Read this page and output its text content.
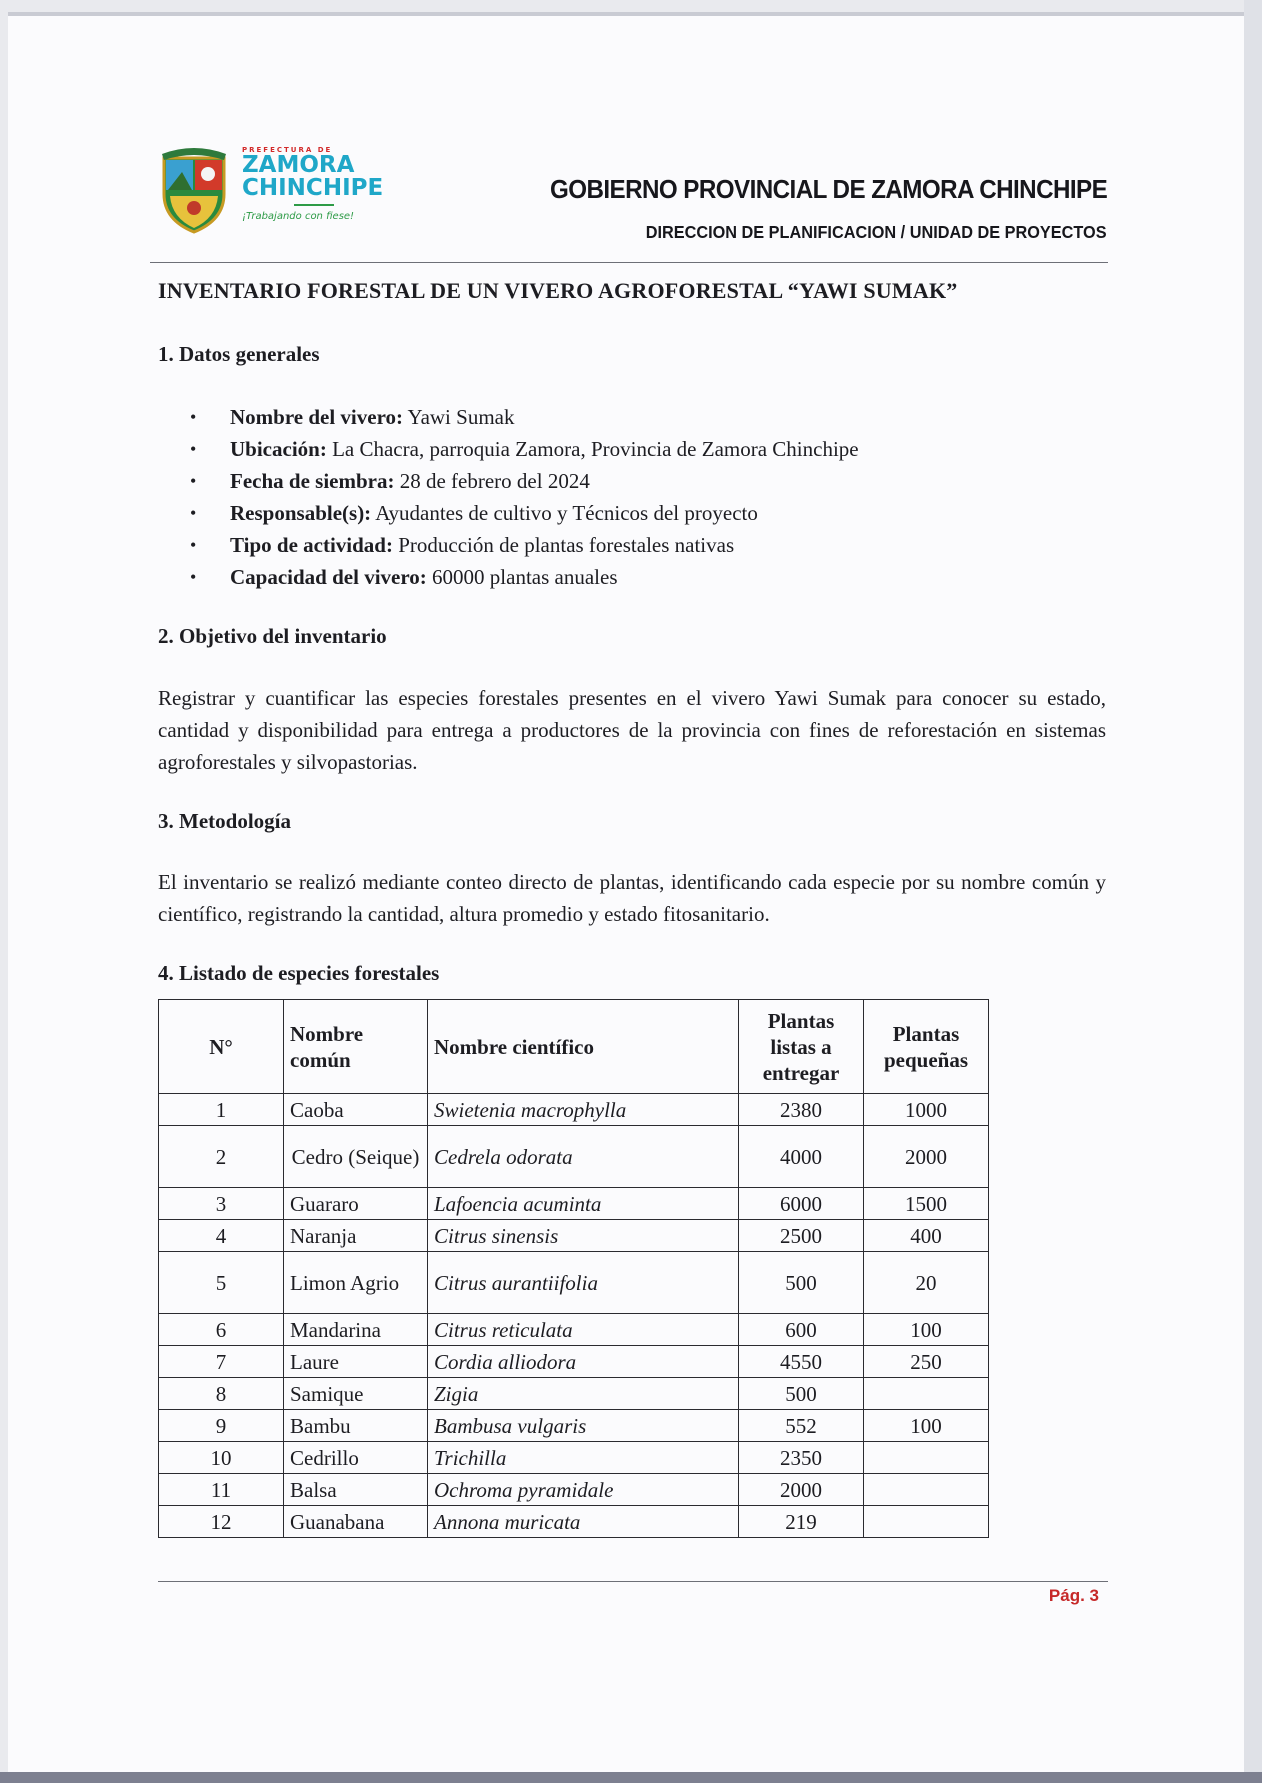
PREFECTURA DE
ZAMORA
CHINCHIPE
¡Trabajando con fiese!
GOBIERNO PROVINCIAL DE ZAMORA CHINCHIPE
DIRECCION DE PLANIFICACION / UNIDAD DE PROYECTOS
INVENTARIO FORESTAL DE UN VIVERO AGROFORESTAL “YAWI SUMAK”
1. Datos generales
• Nombre del vivero: Yawi Sumak
• Ubicación: La Chacra, parroquia Zamora, Provincia de Zamora Chinchipe
• Fecha de siembra: 28 de febrero del 2024
• Responsable(s): Ayudantes de cultivo y Técnicos del proyecto
• Tipo de actividad: Producción de plantas forestales nativas
• Capacidad del vivero: 60000 plantas anuales
2. Objetivo del inventario
Registrar y cuantificar las especies forestales presentes en el vivero Yawi Sumak para conocer su estado, cantidad y disponibilidad para entrega a productores de la provincia con fines de reforestación en sistemas agroforestales y silvopastorias.
3. Metodología
El inventario se realizó mediante conteo directo de plantas, identificando cada especie por su nombre común y científico, registrando la cantidad, altura promedio y estado fitosanitario.
4. Listado de especies forestales
N°	Nombre común	Nombre científico	Plantas listas a entregar	Plantas pequeñas
1	Caoba	Swietenia macrophylla	2380	1000
2	Cedro (Seique)	Cedrela odorata	4000	2000
3	Guararo	Lafoencia acuminta	6000	1500
4	Naranja	Citrus sinensis	2500	400
5	Limon Agrio	Citrus aurantiifolia	500	20
6	Mandarina	Citrus reticulata	600	100
7	Laure	Cordia alliodora	4550	250
8	Samique	Zigia	500	
9	Bambu	Bambusa vulgaris	552	100
10	Cedrillo	Trichilla	2350	
11	Balsa	Ochroma pyramidale	2000	
12	Guanabana	Annona muricata	219	
Pág. 3
